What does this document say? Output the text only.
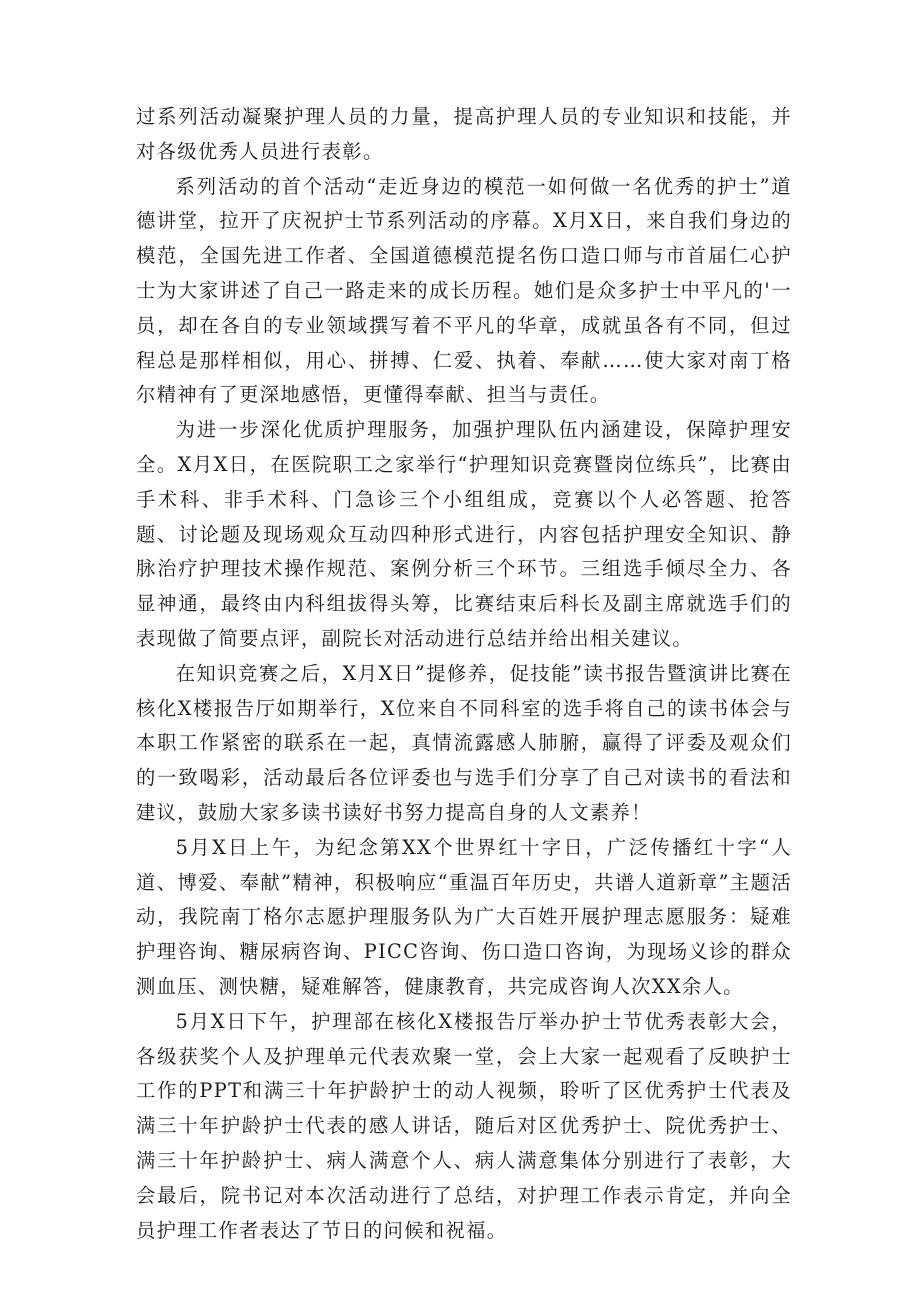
过系列活动凝聚护理人员的力量，提高护理人员的专业知识和技能，并对各级优秀人员进行表彰。

系列活动的首个活动“走近身边的模范一如何做一名优秀的护士”道德讲堂，拉开了庆祝护士节系列活动的序幕。X月X日，来自我们身边的模范，全国先进工作者、全国道德模范提名伤口造口师与市首届仁心护士为大家讲述了自己一路走来的成长历程。她们是众多护士中平凡的'一员，却在各自的专业领域撰写着不平凡的华章，成就虽各有不同，但过程总是那样相似，用心、拼搏、仁爱、执着、奉献……使大家对南丁格尔精神有了更深地感悟，更懂得奉献、担当与责任。

为进一步深化优质护理服务，加强护理队伍内涵建设，保障护理安全。X月X日，在医院职工之家举行“护理知识竞赛暨岗位练兵”，比赛由手术科、非手术科、门急诊三个小组组成，竞赛以个人必答题、抢答题、讨论题及现场观众互动四种形式进行，内容包括护理安全知识、静脉治疗护理技术操作规范、案例分析三个环节。三组选手倾尽全力、各显神通，最终由内科组拔得头筹，比赛结束后科长及副主席就选手们的表现做了简要点评，副院长对活动进行总结并给出相关建议。

在知识竞赛之后，X月X日”提修养，促技能”读书报告暨演讲比赛在核化X楼报告厅如期举行，X位来自不同科室的选手将自己的读书体会与本职工作紧密的联系在一起，真情流露感人肺腑，赢得了评委及观众们的一致喝彩，活动最后各位评委也与选手们分享了自己对读书的看法和建议，鼓励大家多读书读好书努力提高自身的人文素养！

5月X日上午，为纪念第XX个世界红十字日，广泛传播红十字“人道、博爱、奉献”精神，积极响应“重温百年历史，共谱人道新章”主题活动，我院南丁格尔志愿护理服务队为广大百姓开展护理志愿服务：疑难护理咨询、糖尿病咨询、PICC咨询、伤口造口咨询，为现场义诊的群众测血压、测快糖，疑难解答，健康教育，共完成咨询人次XX余人。

5月X日下午，护理部在核化X楼报告厅举办护士节优秀表彰大会，各级获奖个人及护理单元代表欢聚一堂，会上大家一起观看了反映护士工作的PPT和满三十年护龄护士的动人视频，聆听了区优秀护士代表及满三十年护龄护士代表的感人讲话，随后对区优秀护士、院优秀护士、满三十年护龄护士、病人满意个人、病人满意集体分别进行了表彰，大会最后，院书记对本次活动进行了总结，对护理工作表示肯定，并向全员护理工作者表达了节日的问候和祝福。
